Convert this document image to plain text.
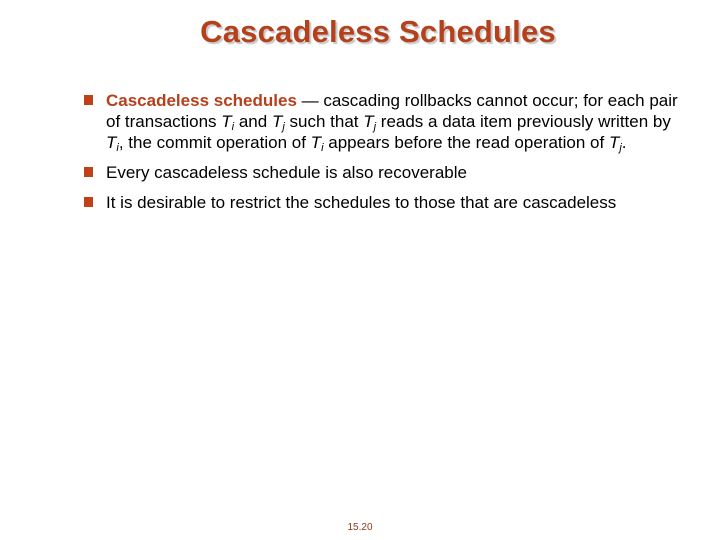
Cascadeless Schedules
Cascadeless schedules — cascading rollbacks cannot occur; for each pair of transactions $T_i$ and $T_j$ such that $T_j$ reads a data item previously written by $T_i$, the commit operation of $T_i$ appears before the read operation of $T_j$.
Every cascadeless schedule is also recoverable
It is desirable to restrict the schedules to those that are cascadeless
15.20
